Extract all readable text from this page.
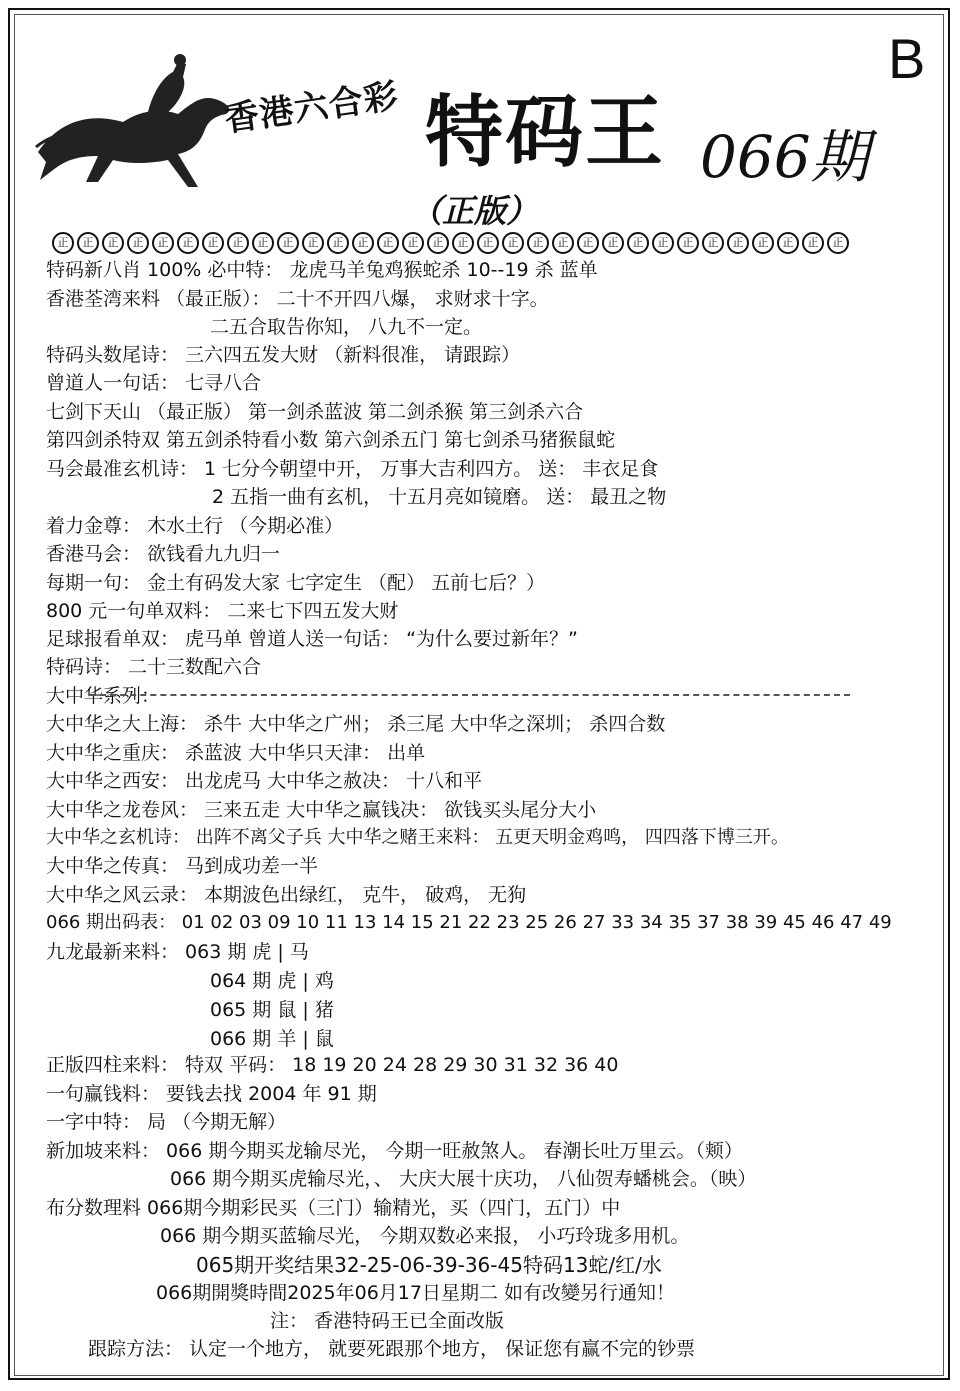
B
香港六合彩 特码王 066期
（正版）
正	正	正	正	正	正	正	正	正	正	正	正	正	正	正	正	正	正	正	正	正	正	正	正	正	正	正	正	正	正	正	正
特码新八肖 100% 必中特： 龙虎马羊兔鸡猴蛇杀 10--19 杀 蓝单
香港荃湾来料 （最正版）： 二十不开四八爆， 求财求十字。
二五合取告你知， 八九不一定。
特码头数尾诗： 三六四五发大财 （新料很准， 请跟踪）
曾道人一句话： 七寻八合
七剑下天山 （最正版） 第一剑杀蓝波 第二剑杀猴 第三剑杀六合
第四剑杀特双 第五剑杀特看小数 第六剑杀五门 第七剑杀马猪猴鼠蛇
马会最准玄机诗： 1 七分今朝望中开， 万事大吉利四方。 送： 丰衣足食
2 五指一曲有玄机， 十五月亮如镜磨。 送： 最丑之物
着力金尊： 木水土行 （今期必准）
香港马会： 欲钱看九九归一
每期一句： 金土有码发大家 七字定生 （配） 五前七后？）
800 元一句单双料： 二来七下四五发大财
足球报看单双： 虎马单 曾道人送一句话： “为什么要过新年？”
特码诗： 二十三数配六合
大中华系列：
大中华之大上海： 杀牛 大中华之广州； 杀三尾 大中华之深圳； 杀四合数
大中华之重庆： 杀蓝波 大中华只天津： 出单
大中华之西安： 出龙虎马 大中华之赦决： 十八和平
大中华之龙卷风： 三来五走 大中华之赢钱决： 欲钱买头尾分大小
大中华之玄机诗： 出阵不离父子兵 大中华之赌王来料： 五更天明金鸡鸣， 四四落下博三开。
大中华之传真： 马到成功差一半
大中华之风云录： 本期波色出绿红， 克牛， 破鸡， 无狗
066 期出码表： 01 02 03 09 10 11 13 14 15 21 22 23 25 26 27 33 34 35 37 38 39 45 46 47 49
九龙最新来料： 063 期 虎 | 马
064 期 虎 | 鸡
065 期 鼠 | 猪
066 期 羊 | 鼠
正版四柱来料： 特双 平码： 18 19 20 24 28 29 30 31 32 36 40
一句赢钱料： 要钱去找 2004 年 91 期
一字中特： 局 （今期无解）
新加坡来料： 066 期今期买龙输尽光， 今期一旺赦煞人。 春潮长吐万里云。（颊）
066 期今期买虎输尽光，、 大庆大展十庆功， 八仙贺寿蟠桃会。（映）
布分数理料 066期今期彩民买（三门）输精光，买（四门，五门）中
066 期今期买蓝输尽光， 今期双数必来报， 小巧玲珑多用机。
065期开奖结果32-25-06-39-36-45特码13蛇/红/水
066期開獎時間2025年06月17日星期二 如有改變另行通知！
注： 香港特码王已全面改版
跟踪方法： 认定一个地方， 就要死跟那个地方， 保证您有赢不完的钞票
